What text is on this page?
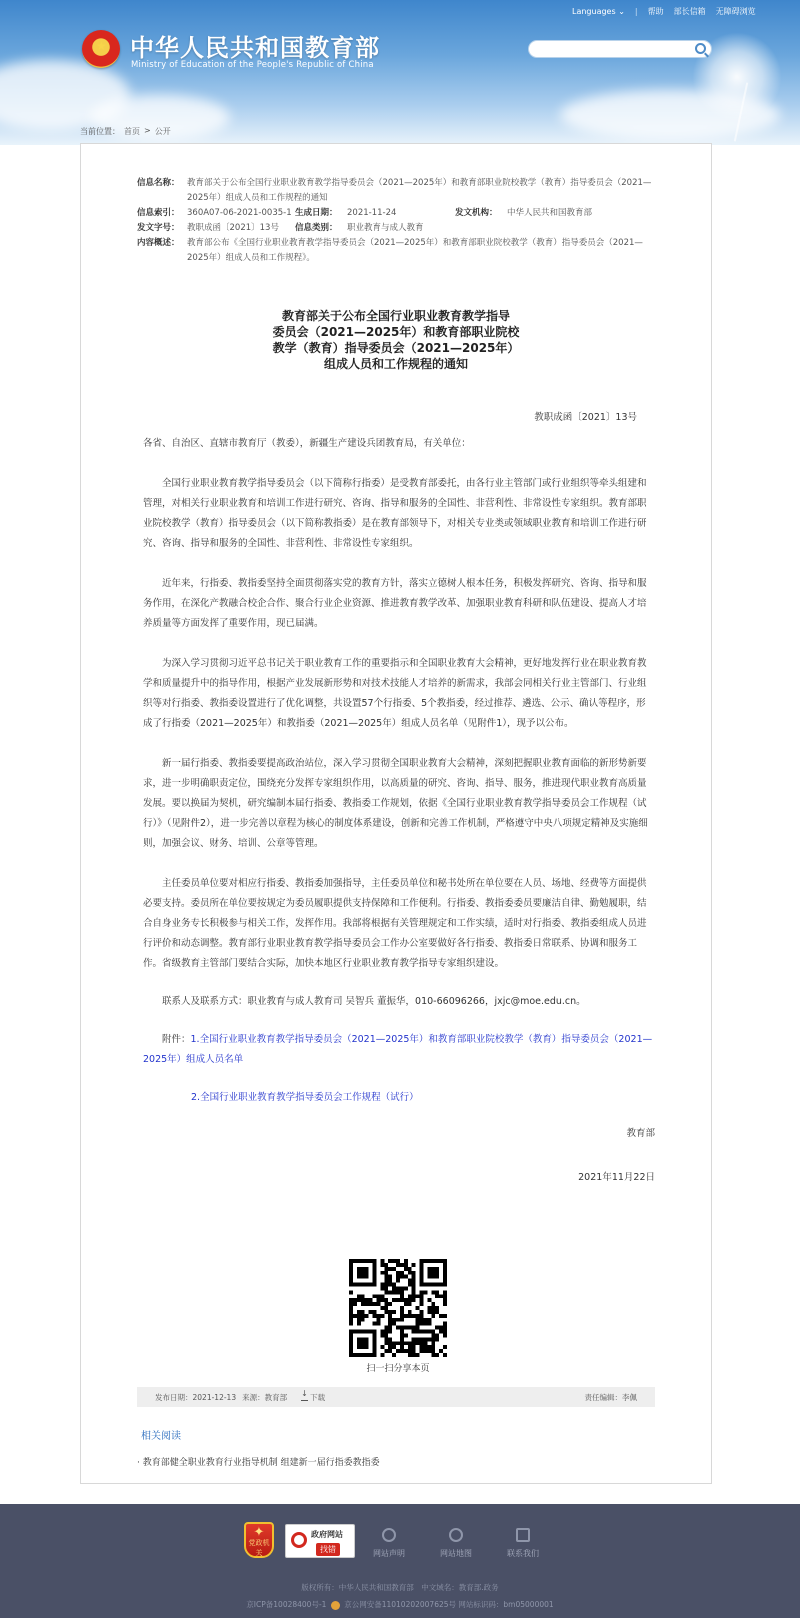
Languages ⌄ | 帮助 部长信箱 无障碍浏览
★ 中华人民共和国教育部
Ministry of Education of the People's Republic of China
当前位置： 首页 > 公开
信息名称： 教育部关于公布全国行业职业教育教学指导委员会（2021—2025年）和教育部职业院校教学（教育）指导委员会（2021—2025年）组成人员和工作规程的通知
信息索引： 360A07-06-2021-0035-1 生成日期：	2021-11-24	发文机构：	中华人民共和国教育部
发文字号： 教职成函〔2021〕13号	信息类别：	职业教育与成人教育
内容概述： 教育部公布《全国行业职业教育教学指导委员会（2021—2025年）和教育部职业院校教学（教育）指导委员会（2021—2025年）组成人员和工作规程》。
教育部关于公布全国行业职业教育教学指导
委员会（2021—2025年）和教育部职业院校
教学（教育）指导委员会（2021—2025年）
组成人员和工作规程的通知
教职成函〔2021〕13号

各省、自治区、直辖市教育厅（教委），新疆生产建设兵团教育局，有关单位：

全国行业职业教育教学指导委员会（以下简称行指委）是受教育部委托，由各行业主管部门或行业组织等牵头组建和管理，对相关行业职业教育和培训工作进行研究、咨询、指导和服务的全国性、非营利性、非常设性专家组织。教育部职业院校教学（教育）指导委员会（以下简称教指委）是在教育部领导下，对相关专业类或领域职业教育和培训工作进行研究、咨询、指导和服务的全国性、非营利性、非常设性专家组织。

近年来，行指委、教指委坚持全面贯彻落实党的教育方针，落实立德树人根本任务，积极发挥研究、咨询、指导和服务作用，在深化产教融合校企合作、聚合行业企业资源、推进教育教学改革、加强职业教育科研和队伍建设、提高人才培养质量等方面发挥了重要作用，现已届满。

为深入学习贯彻习近平总书记关于职业教育工作的重要指示和全国职业教育大会精神，更好地发挥行业在职业教育教学和质量提升中的指导作用，根据产业发展新形势和对技术技能人才培养的新需求，我部会同相关行业主管部门、行业组织等对行指委、教指委设置进行了优化调整，共设置57个行指委、5个教指委，经过推荐、遴选、公示、确认等程序，形成了行指委（2021—2025年）和教指委（2021—2025年）组成人员名单（见附件1），现予以公布。

新一届行指委、教指委要提高政治站位，深入学习贯彻全国职业教育大会精神，深刻把握职业教育面临的新形势新要求，进一步明确职责定位，围绕充分发挥专家组织作用，以高质量的研究、咨询、指导、服务，推进现代职业教育高质量发展。要以换届为契机，研究编制本届行指委、教指委工作规划，依据《全国行业职业教育教学指导委员会工作规程（试行）》（见附件2），进一步完善以章程为核心的制度体系建设，创新和完善工作机制，严格遵守中央八项规定精神及实施细则，加强会议、财务、培训、公章等管理。

主任委员单位要对相应行指委、教指委加强指导，主任委员单位和秘书处所在单位要在人员、场地、经费等方面提供必要支持。委员所在单位要按规定为委员履职提供支持保障和工作便利。行指委、教指委委员要廉洁自律、勤勉履职，结合自身业务专长积极参与相关工作，发挥作用。我部将根据有关管理规定和工作实绩，适时对行指委、教指委组成人员进行评价和动态调整。教育部行业职业教育教学指导委员会工作办公室要做好各行指委、教指委日常联系、协调和服务工作。省级教育主管部门要结合实际，加快本地区行业职业教育教学指导专家组织建设。

联系人及联系方式：职业教育与成人教育司 吴智兵 董振华，010-66096266，jxjc@moe.edu.cn。

附件：1.全国行业职业教育教学指导委员会（2021—2025年）和教育部职业院校教学（教育）指导委员会（2021—2025年）组成人员名单

2.全国行业职业教育教学指导委员会工作规程（试行）

教育部

2021年11月22日

扫一扫分享本页
发布日期：2021-12-13 来源：教育部
↓	下载	责任编辑：李佩
相关阅读
· 教育部健全职业教育行业指导机制 组建新一届行指委教指委
✦
党政机关
政府网站
找错	网站声明	网站地图	联系我们
版权所有：中华人民共和国教育部　中文域名：教育部.政务
京ICP备10028400号-1 京公网安备11010202007625号 网站标识码：bm05000001
